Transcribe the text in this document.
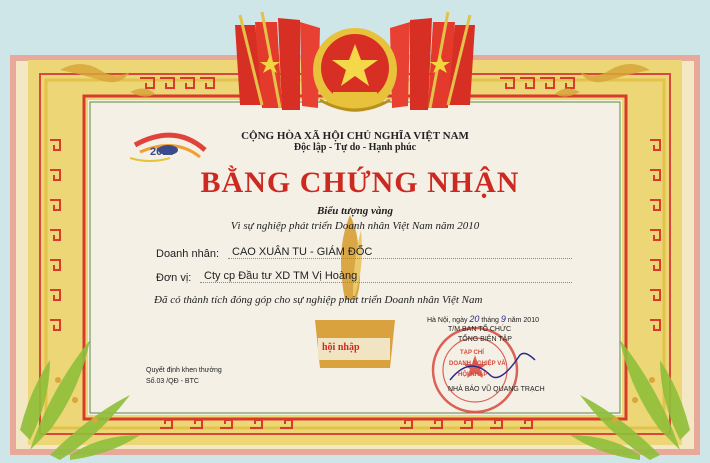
CỘNG HÒA XÃ HỘI CHỦ NGHĨA VIỆT NAM
Độc lập - Tự do - Hạnh phúc
2010
BẰNG CHỨNG NHẬN
Biểu tượng vàng
Vì sự nghiệp phát triển Doanh nhân Việt Nam năm 2010
Doanh nhân:	CAO XUÂN TU - GIÁM ĐỐC
Đơn vị:	Cty cp Đầu tư XD TM Vị Hoàng
Đã có thành tích đóng góp cho sự nghiệp phát triển Doanh nhân Việt Nam
Hà Nội, ngày 20 tháng 9 năm 2010
T/M BAN TỔ CHỨC
TỔNG BIÊN TẬP
TẠP CHÍ
DOANH NGHIỆP VÀ
HỘI NHẬP
NHÀ BÁO VŨ QUANG TRẠCH
Quyết định khen thưởng
Số.03 /QĐ - BTC
hội nhập
